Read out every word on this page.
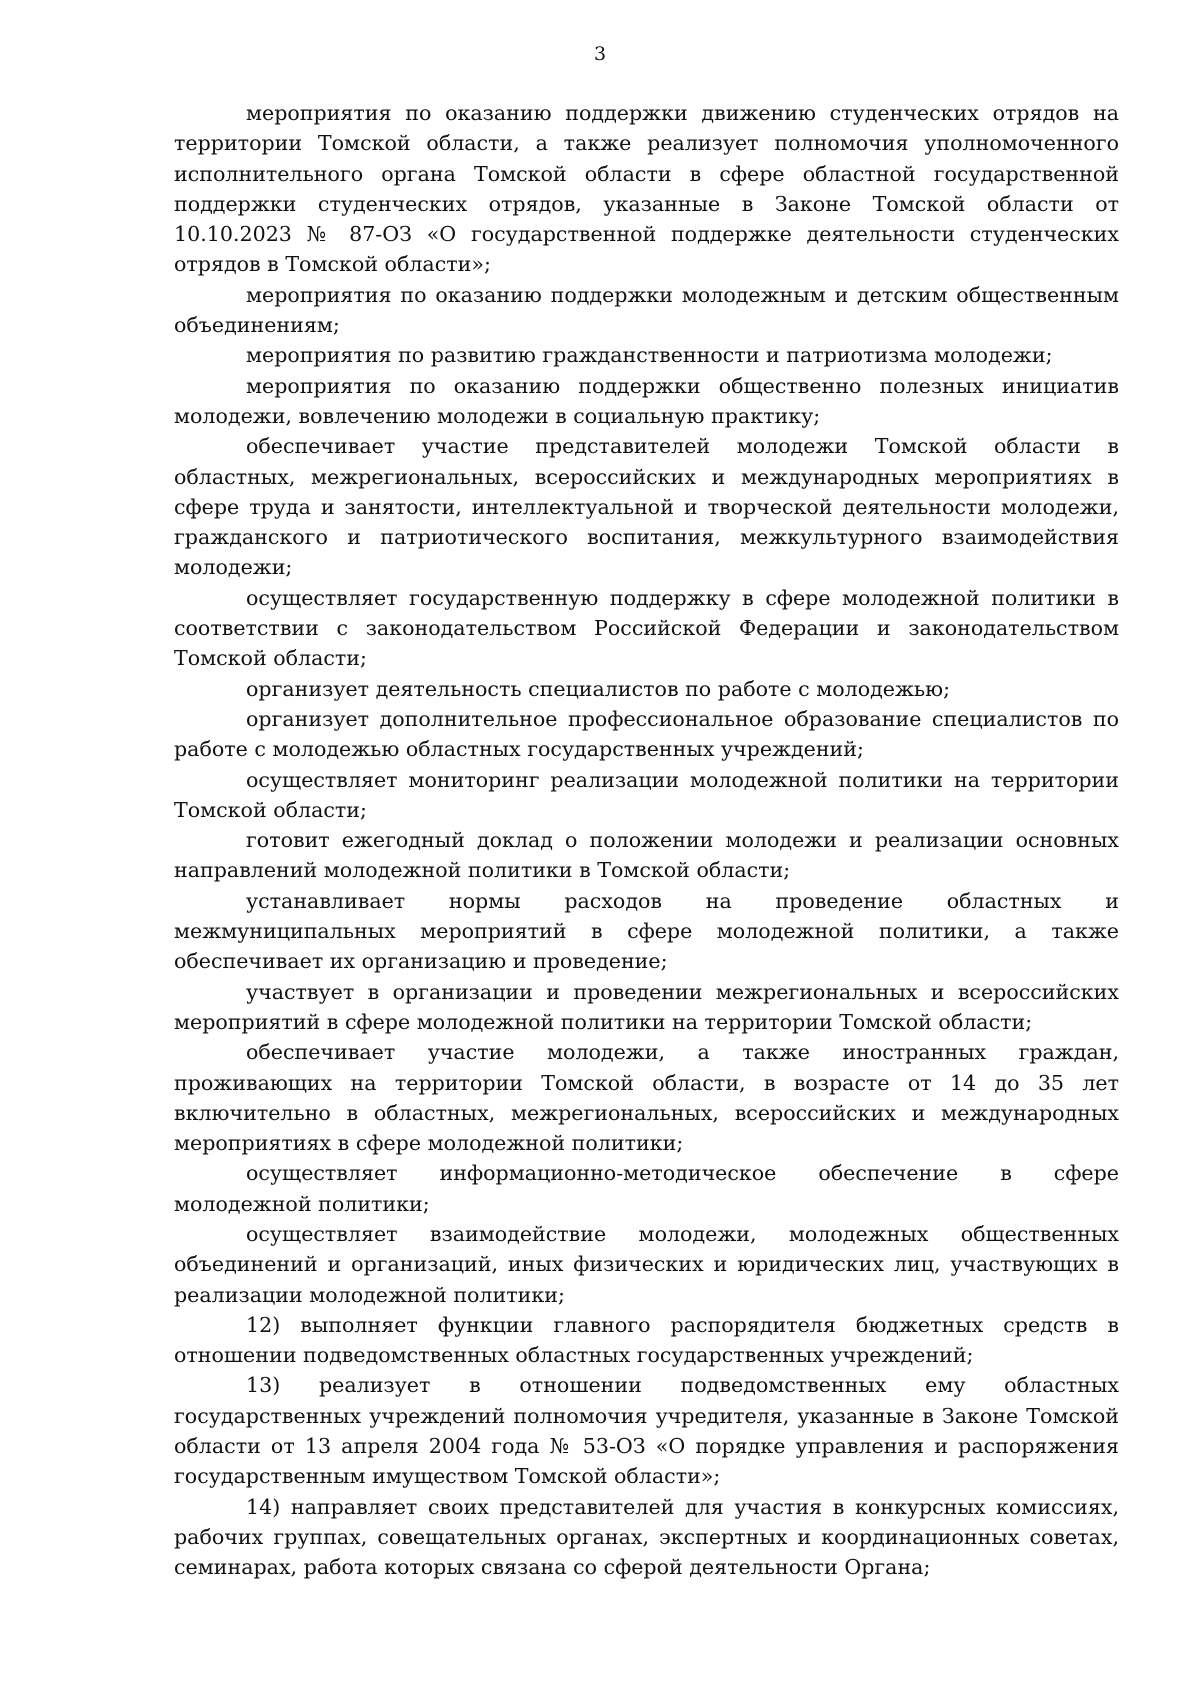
3

мероприятия по оказанию поддержки движению студенческих отрядов на территории Томской области, а также реализует полномочия уполномоченного исполнительного органа Томской области в сфере областной государственной поддержки студенческих отрядов, указанные в Законе Томской области от 10.10.2023 № 87-ОЗ «О государственной поддержке деятельности студенческих отрядов в Томской области»;

мероприятия по оказанию поддержки молодежным и детским общественным объединениям;

мероприятия по развитию гражданственности и патриотизма молодежи;

мероприятия по оказанию поддержки общественно полезных инициатив молодежи, вовлечению молодежи в социальную практику;

обеспечивает участие представителей молодежи Томской области в областных, межрегиональных, всероссийских и международных мероприятиях в сфере труда и занятости, интеллектуальной и творческой деятельности молодежи, гражданского и патриотического воспитания, межкультурного взаимодействия молодежи;

осуществляет государственную поддержку в сфере молодежной политики в соответствии с законодательством Российской Федерации и законодательством Томской области;

организует деятельность специалистов по работе с молодежью;

организует дополнительное профессиональное образование специалистов по работе с молодежью областных государственных учреждений;

осуществляет мониторинг реализации молодежной политики на территории Томской области;

готовит ежегодный доклад о положении молодежи и реализации основных направлений молодежной политики в Томской области;

устанавливает нормы расходов на проведение областных и межмуниципальных мероприятий в сфере молодежной политики, а также обеспечивает их организацию и проведение;

участвует в организации и проведении межрегиональных и всероссийских мероприятий в сфере молодежной политики на территории Томской области;

обеспечивает участие молодежи, а также иностранных граждан, проживающих на территории Томской области, в возрасте от 14 до 35 лет включительно в областных, межрегиональных, всероссийских и международных мероприятиях в сфере молодежной политики;

осуществляет информационно-методическое обеспечение в сфере молодежной политики;

осуществляет взаимодействие молодежи, молодежных общественных объединений и организаций, иных физических и юридических лиц, участвующих в реализации молодежной политики;

12) выполняет функции главного распорядителя бюджетных средств в отношении подведомственных областных государственных учреждений;

13) реализует в отношении подведомственных ему областных государственных учреждений полномочия учредителя, указанные в Законе Томской области от 13 апреля 2004 года № 53-ОЗ «О порядке управления и распоряжения государственным имуществом Томской области»;

14) направляет своих представителей для участия в конкурсных комиссиях, рабочих группах, совещательных органах, экспертных и координационных советах, семинарах, работа которых связана со сферой деятельности Органа;
